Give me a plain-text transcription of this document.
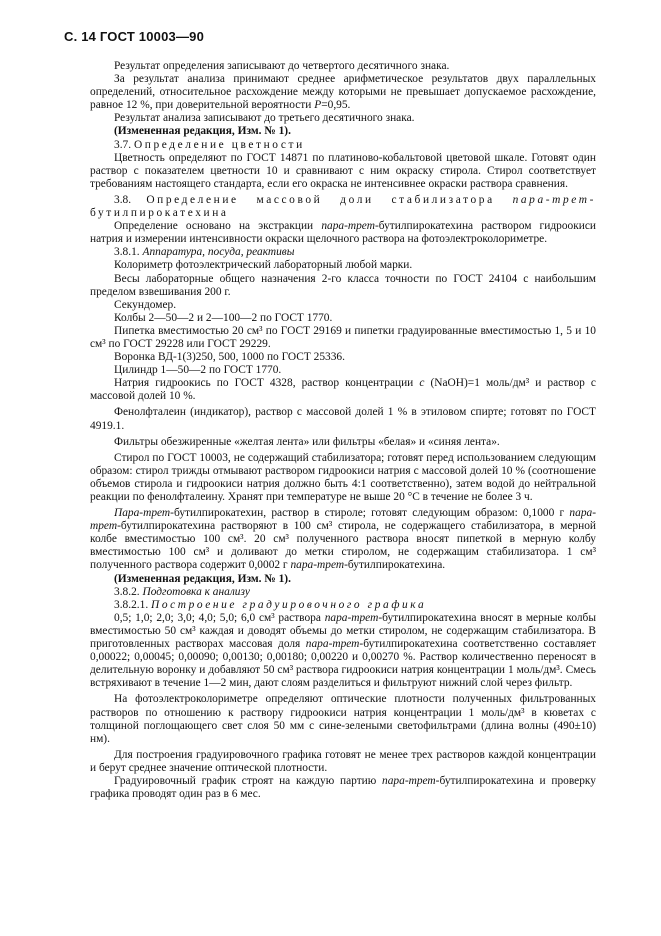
С. 14 ГОСТ 10003—90

Результат определения записывают до четвертого десятичного знака.

За результат анализа принимают среднее арифметическое результатов двух параллельных определений, относительное расхождение между которыми не превышает допускаемое расхождение, равное 12 %, при доверительной вероятности P=0,95.

Результат анализа записывают до третьего десятичного знака.

(Измененная редакция, Изм. № 1).

3.7. Определение цветности

Цветность определяют по ГОСТ 14871 по платиново-кобальтовой цветовой шкале. Готовят один раствор с показателем цветности 10 и сравнивают с ним окраску стирола. Стирол соответствует требованиям настоящего стандарта, если его окраска не интенсивнее окраски раствора сравнения.

3.8. Определение массовой доли стабилизатора пара-трет-бутилпирокатехина

Определение основано на экстракции пара-трет-бутилпирокатехина раствором гидроокиси натрия и измерении интенсивности окраски щелочного раствора на фотоэлектроколориметре.

3.8.1. Аппаратура, посуда, реактивы

Колориметр фотоэлектрический лабораторный любой марки.

Весы лабораторные общего назначения 2-го класса точности по ГОСТ 24104 с наибольшим пределом взвешивания 200 г.

Секундомер.

Колбы 2—50—2 и 2—100—2 по ГОСТ 1770.

Пипетка вместимостью 20 см³ по ГОСТ 29169 и пипетки градуированные вместимостью 1, 5 и 10 см³ по ГОСТ 29228 или ГОСТ 29229.

Воронка ВД-1(3)250, 500, 1000 по ГОСТ 25336.

Цилиндр 1—50—2 по ГОСТ 1770.

Натрия гидроокись по ГОСТ 4328, раствор концентрации c (NaOH)=1 моль/дм³ и раствор с массовой долей 10 %.

Фенолфталеин (индикатор), раствор с массовой долей 1 % в этиловом спирте; готовят по ГОСТ 4919.1.

Фильтры обезжиренные «желтая лента» или фильтры «белая» и «синяя лента».

Стирол по ГОСТ 10003, не содержащий стабилизатора; готовят перед использованием следующим образом: стирол трижды отмывают раствором гидроокиси натрия с массовой долей 10 % (соотношение объемов стирола и гидроокиси натрия должно быть 4:1 соответственно), затем водой до нейтральной реакции по фенолфталеину. Хранят при температуре не выше 20 °С в течение не более 3 ч.

Пара-трет-бутилпирокатехин, раствор в стироле; готовят следующим образом: 0,1000 г пара-трет-бутилпирокатехина растворяют в 100 см³ стирола, не содержащего стабилизатора, в мерной колбе вместимостью 100 см³. 20 см³ полученного раствора вносят пипеткой в мерную колбу вместимостью 100 см³ и доливают до метки стиролом, не содержащим стабилизатора. 1 см³ полученного раствора содержит 0,0002 г пара-трет-бутилпирокатехина.

(Измененная редакция, Изм. № 1).

3.8.2. Подготовка к анализу

3.8.2.1. Построение градуировочного графика

0,5; 1,0; 2,0; 3,0; 4,0; 5,0; 6,0 см³ раствора пара-трет-бутилпирокатехина вносят в мерные колбы вместимостью 50 см³ каждая и доводят объемы до метки стиролом, не содержащим стабилизатора. В приготовленных растворах массовая доля пара-трет-бутилпирокатехина соответственно составляет 0,00022; 0,00045; 0,00090; 0,00130; 0,00180; 0,00220 и 0,00270 %. Раствор количественно переносят в делительную воронку и добавляют 50 см³ раствора гидроокиси натрия концентрации 1 моль/дм³. Смесь встряхивают в течение 1—2 мин, дают слоям разделиться и фильтруют нижний слой через фильтр.

На фотоэлектроколориметре определяют оптические плотности полученных фильтрованных растворов по отношению к раствору гидроокиси натрия концентрации 1 моль/дм³ в кюветах с толщиной поглощающего свет слоя 50 мм с сине-зелеными светофильтрами (длина волны (490±10) нм).

Для построения градуировочного графика готовят не менее трех растворов каждой концентрации и берут среднее значение оптической плотности.

Градуировочный график строят на каждую партию пара-трет-бутилпирокатехина и проверку графика проводят один раз в 6 мес.
